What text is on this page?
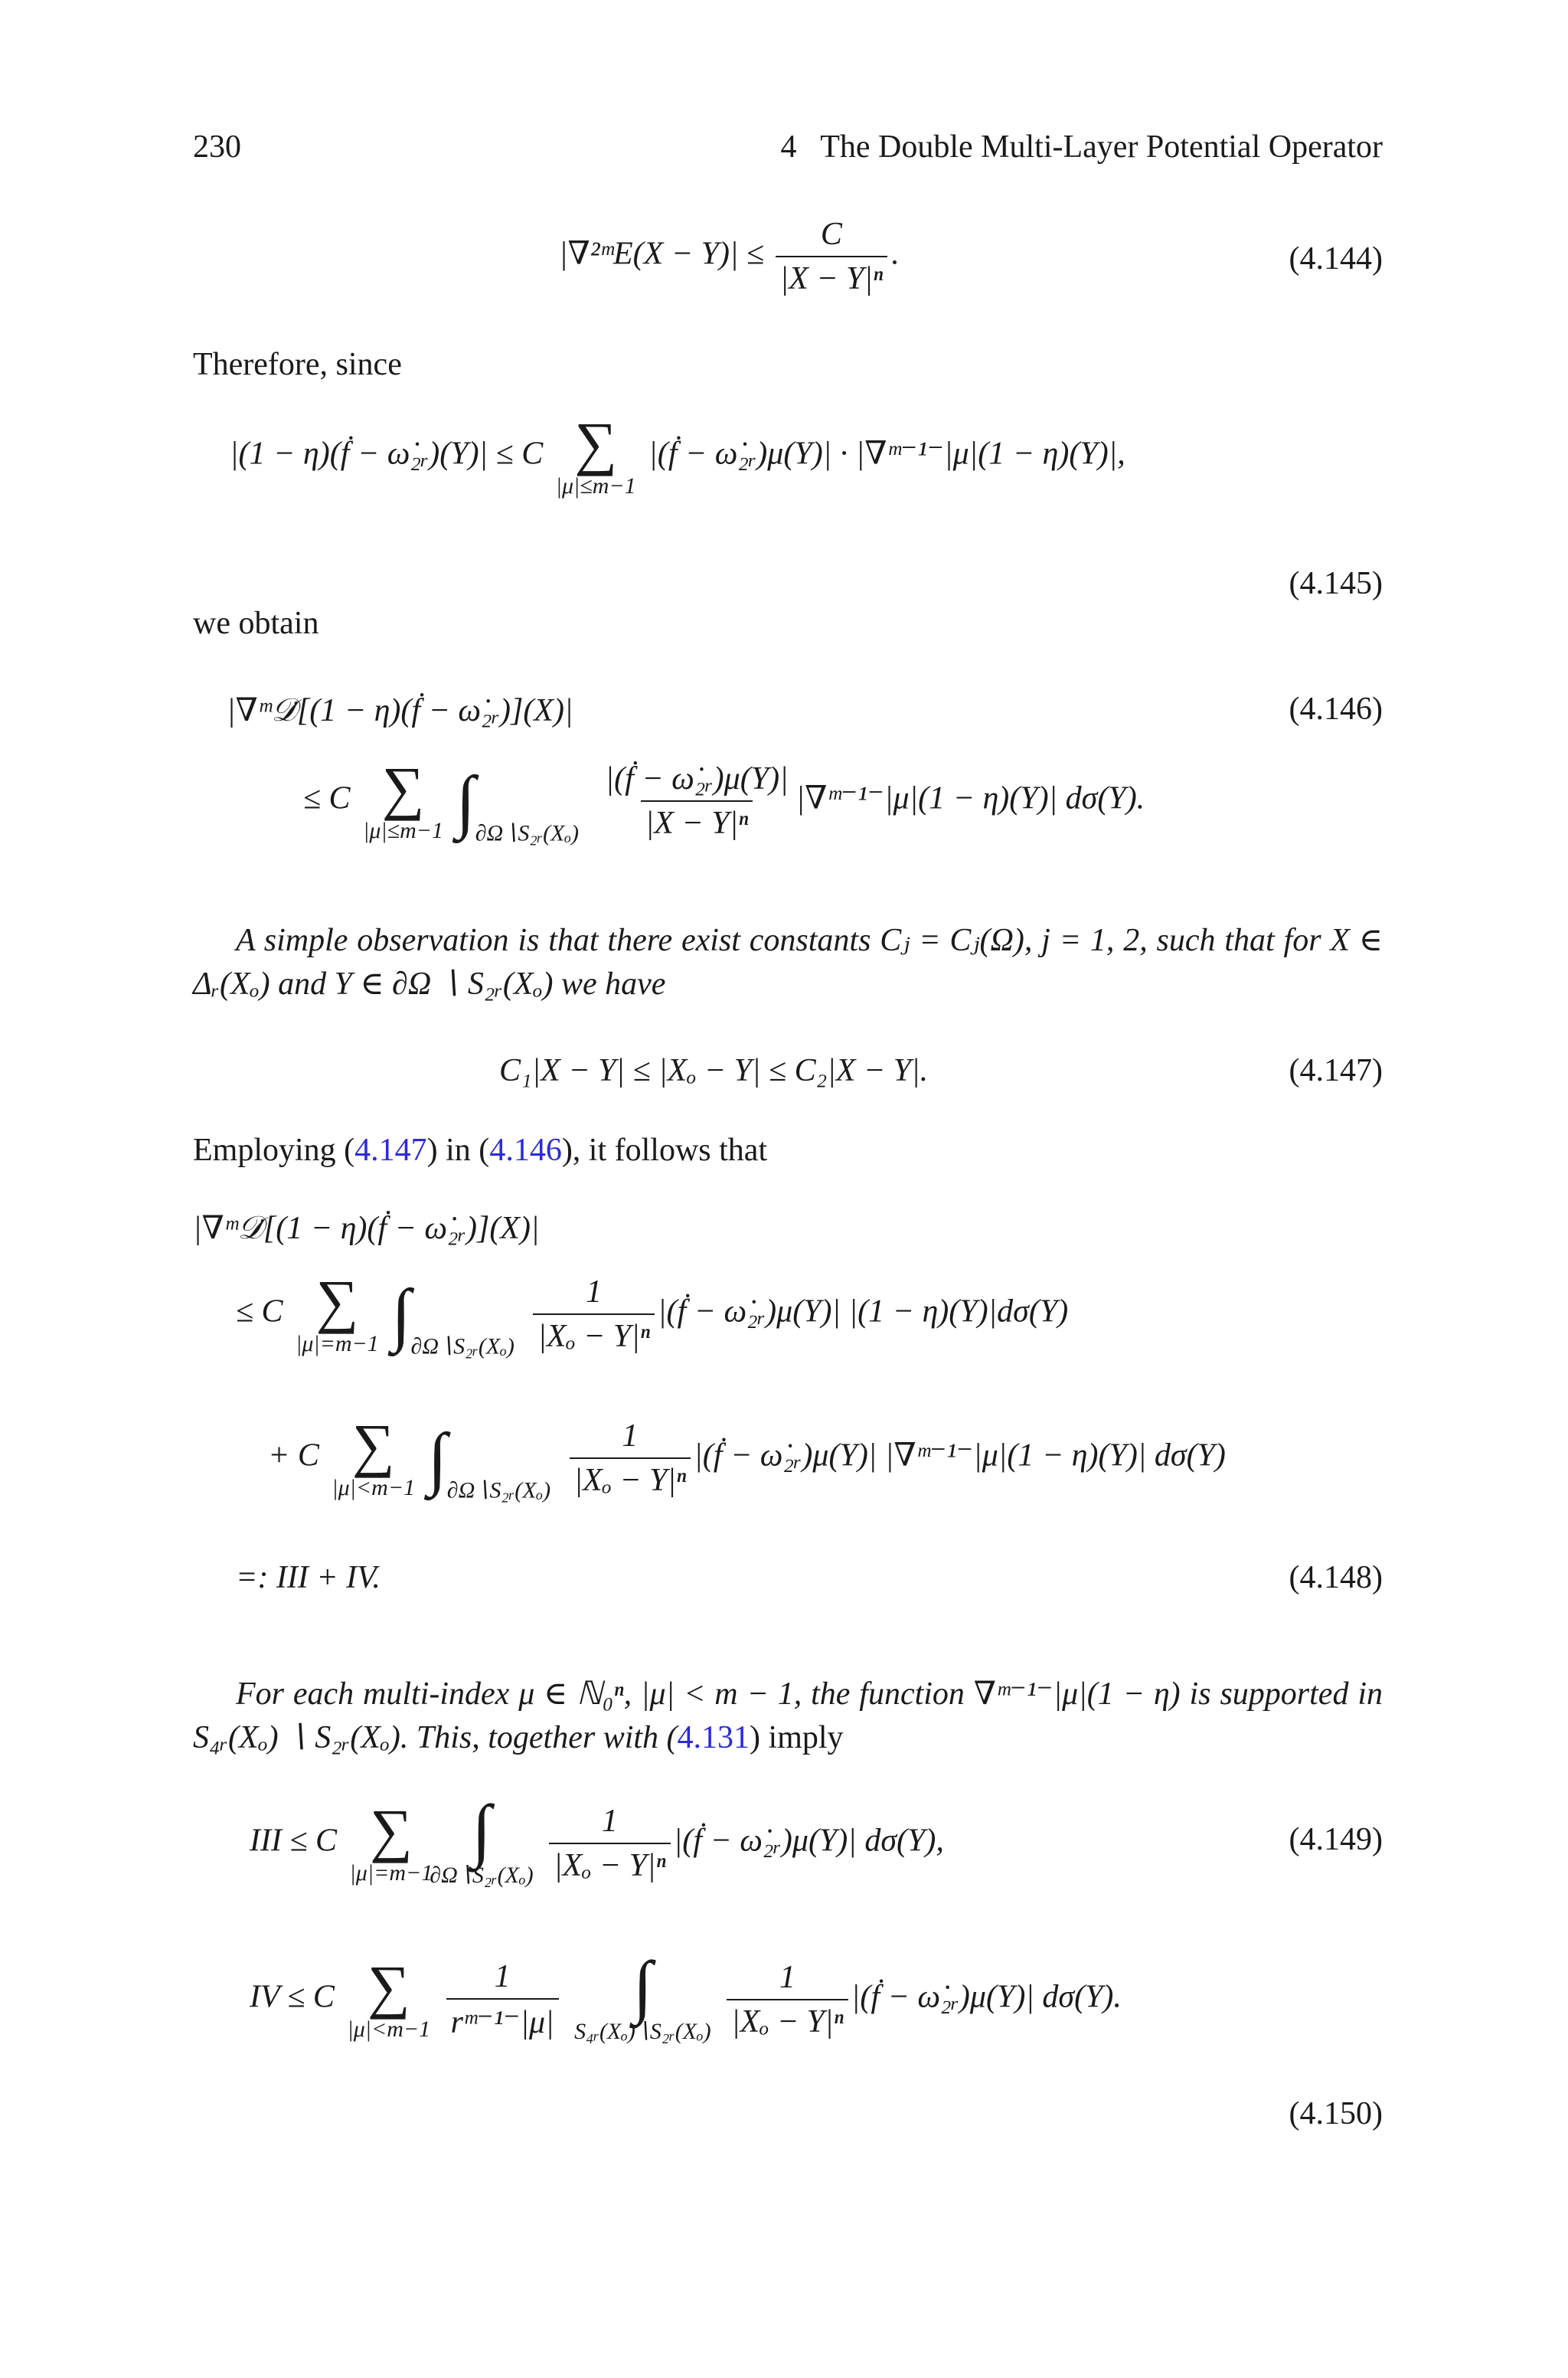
230	4   The Double Multi-Layer Potential Operator
|∇²ᵐE(X − $Y)| \le \frac{C}{\text{|X − Y|ⁿ}}$ .	(4.144)
Therefore, since
|(1 − η)(ḟ − ω̇₂ᵣ)(Y)| ≤ C ∑
|μ|≤m−1
|(ḟ − ω̇₂ᵣ)μ(Y)| · |∇ᵐ⁻¹⁻|μ|(1 − η)(Y)|,
(4.145)
we obtain
|∇ᵐ𝒟̇[(1 − η)(ḟ − ω̇₂ᵣ)](X)|	(4.146)
≤ C ∑
|μ|≤m−1 $\int_{\partial\Omega∖S_2ᵣ(X_o)} \frac{\text{|(ḟ − ω̇₂ᵣ)μ(Y)|}}{\text{|X − Y|ⁿ}}$ |∇ᵐ⁻¹⁻|μ|(1 − η)(Y)| dσ(Y).

A simple observation is that there exist constants Cⱼ = Cⱼ(Ω), j = 1, 2, such that for X ∈ Δᵣ(Xₒ) and Y ∈ ∂Ω ∖ S₂ᵣ(Xₒ) we have

C₁|X − Y| ≤ |Xₒ − Y| ≤ C₂|X − Y|.	(4.147)
Employing (4.147) in (4.146), it follows that
|∇ᵐ𝒟̇[(1 − η)(ḟ − ω̇₂ᵣ)](X)|
≤ C ∑
|μ|=m−1 $\int_{\partial\Omega∖S_2ᵣ(X_o)} \frac{1}{\text{|Xₒ − Y|ⁿ}}$ |(ḟ − ω̇₂ᵣ)μ(Y)| |(1 − η)(Y)|dσ(Y)
+ C ∑
|μ|<m−1 $\int_{\partial\Omega∖S_2ᵣ(X_o)} \frac{1}{\text{|Xₒ − Y|ⁿ}}$ |(ḟ − ω̇₂ᵣ)μ(Y)| |∇ᵐ⁻¹⁻|μ|(1 − η)(Y)| dσ(Y)
=: III + IV.	(4.148)

For each multi-index μ ∈ ℕ₀ⁿ, |μ| < m − 1, the function ∇ᵐ⁻¹⁻|μ|(1 − η) is supported in S₄ᵣ(Xₒ) ∖ S₂ᵣ(Xₒ). This, together with (4.131) imply

III ≤ C ∑
|μ|=m−1
∫
∂Ω∖S₂ᵣ(Xₒ)
$\frac{1}{\text{|Xₒ − Y|ⁿ}}$ |(ḟ − ω̇₂ᵣ)μ(Y)| dσ(Y),	(4.149)
IV ≤ C ∑
|μ|<m−1
$\frac{1}{\text{rᵐ⁻¹⁻|μ|}}$
∫
S₄ᵣ(Xₒ)∖S₂ᵣ(Xₒ)
$\frac{1}{\text{|Xₒ − Y|ⁿ}}$ |(ḟ − ω̇₂ᵣ)μ(Y)| dσ(Y).
(4.150)
